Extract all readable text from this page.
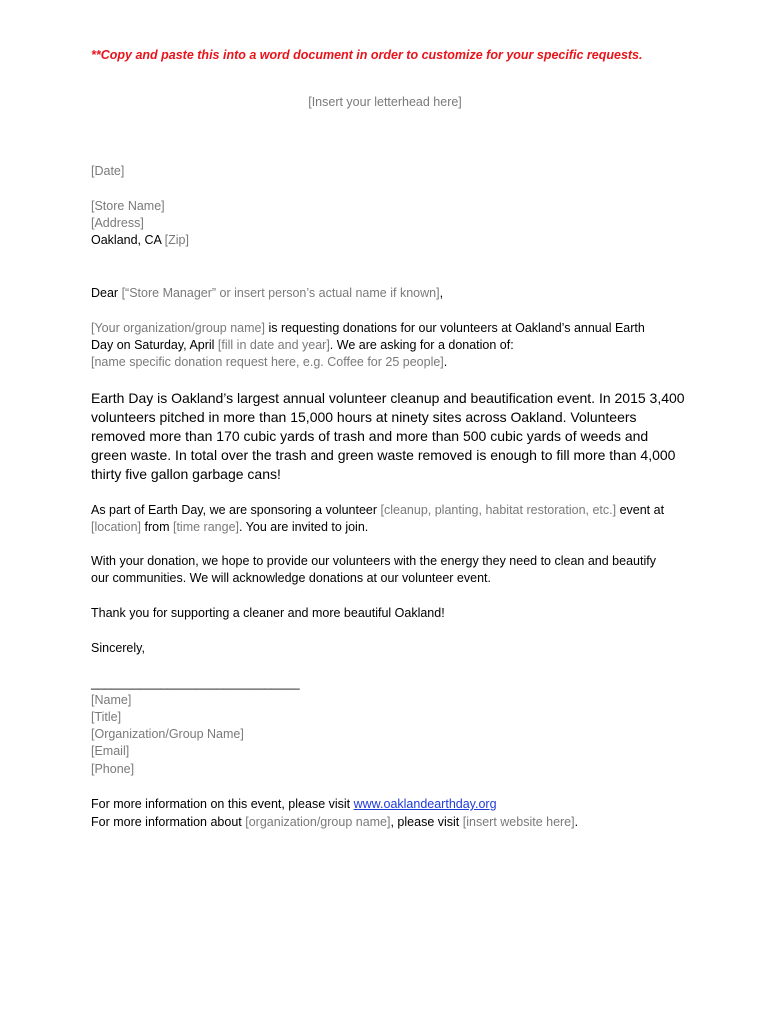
**Copy and paste this into a word document in order to customize for your specific requests.
[Insert your letterhead here]
[Date]
[Store Name]
[Address]
Oakland, CA [Zip]
Dear [“Store Manager” or insert person’s actual name if known],
[Your organization/group name] is requesting donations for our volunteers at Oakland’s annual Earth
Day on Saturday, April [fill in date and year]. We are asking for a donation of:
[name specific donation request here, e.g. Coffee for 25 people].
Earth Day is Oakland’s largest annual volunteer cleanup and beautification event. In 2015 3,400
volunteers pitched in more than 15,000 hours at ninety sites across Oakland. Volunteers
removed more than 170 cubic yards of trash and more than 500 cubic yards of weeds and
green waste. In total over the trash and green waste removed is enough to fill more than 4,000
thirty five gallon garbage cans!
As part of Earth Day, we are sponsoring a volunteer [cleanup, planting, habitat restoration, etc.] event at
[location] from [time range]. You are invited to join.
With your donation, we hope to provide our volunteers with the energy they need to clean and beautify
our communities. We will acknowledge donations at our volunteer event.
Thank you for supporting a cleaner and more beautiful Oakland!
Sincerely,
______________________________
[Name]
[Title]
[Organization/Group Name]
[Email]
[Phone]
For more information on this event, please visit www.oaklandearthday.org
For more information about [organization/group name], please visit [insert website here].
